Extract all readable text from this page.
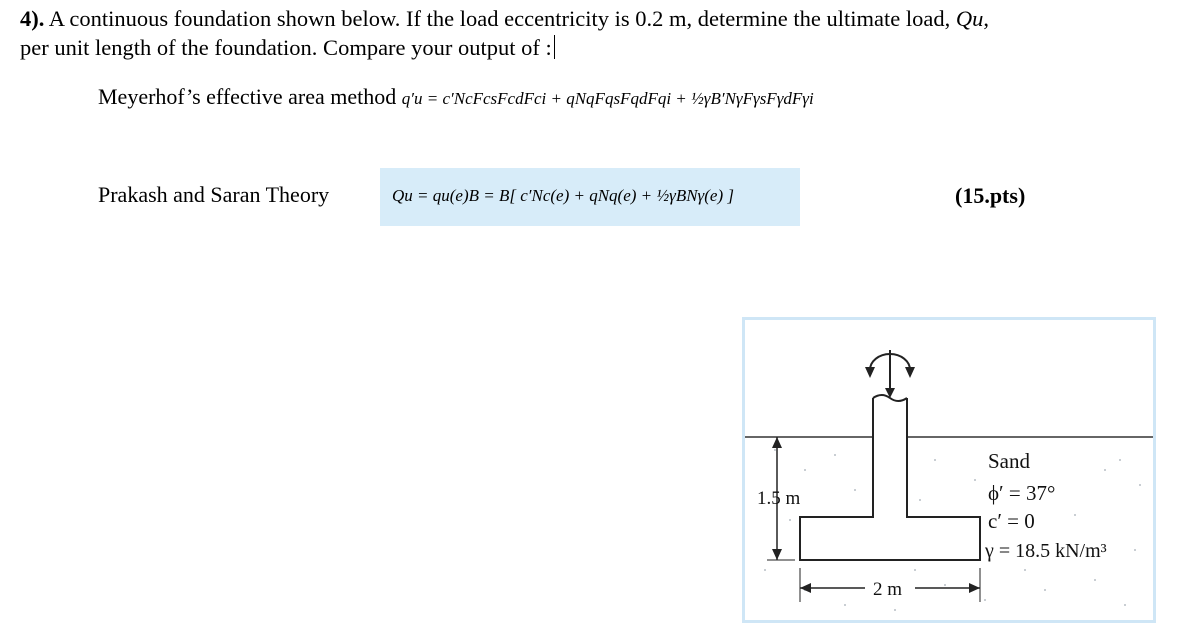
4). A continuous foundation shown below. If the load eccentricity is 0.2 m, determine the ultimate load, Qu,
per unit length of the foundation. Compare your output of :
Meyerhof’s effective area method q′u = c′NcFcsFcdFci + qNqFqsFqdFqi + ½γB′NγFγsFγdFγi
Prakash and Saran Theory	Qu = qu(e)B = B[ c′Nc(e) + qNq(e) + ½γBNγ(e) ]	(15.pts)
1.5 m
2 m
Sand
ϕ′ = 37°
c′ = 0
γ = 18.5 kN/m³
